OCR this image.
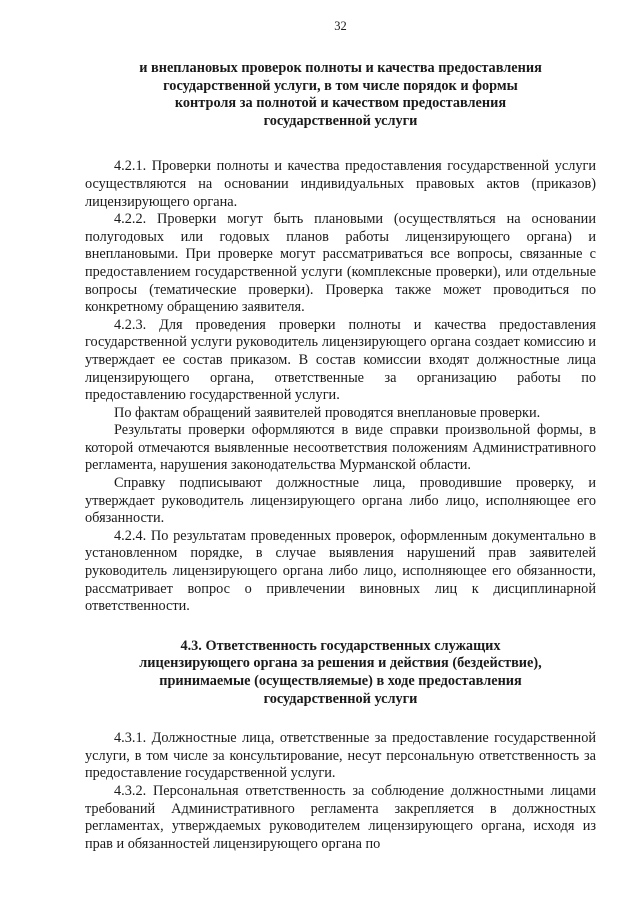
32
и внеплановых проверок полноты и качества предоставления
государственной услуги, в том числе порядок и формы
контроля за полнотой и качеством предоставления
государственной услуги

4.2.1. Проверки полноты и качества предоставления государственной услуги осуществляются на основании индивидуальных правовых актов (приказов) лицензирующего органа.

4.2.2. Проверки могут быть плановыми (осуществляться на основании полугодовых или годовых планов работы лицензирующего органа) и внеплановыми. При проверке могут рассматриваться все вопросы, связанные с предоставлением государственной услуги (комплексные проверки), или отдельные вопросы (тематические проверки). Проверка также может проводиться по конкретному обращению заявителя.

4.2.3. Для проведения проверки полноты и качества предоставления государственной услуги руководитель лицензирующего органа создает комиссию и утверждает ее состав приказом. В состав комиссии входят должностные лица лицензирующего органа, ответственные за организацию работы по предоставлению государственной услуги.

По фактам обращений заявителей проводятся внеплановые проверки.

Результаты проверки оформляются в виде справки произвольной формы, в которой отмечаются выявленные несоответствия положениям Административного регламента, нарушения законодательства Мурманской области.

Справку подписывают должностные лица, проводившие проверку, и утверждает руководитель лицензирующего органа либо лицо, исполняющее его обязанности.

4.2.4. По результатам проведенных проверок, оформленным документально в установленном порядке, в случае выявления нарушений прав заявителей руководитель лицензирующего органа либо лицо, исполняющее его обязанности, рассматривает вопрос о привлечении виновных лиц к дисциплинарной ответственности.

4.3. Ответственность государственных служащих
лицензирующего органа за решения и действия (бездействие),
принимаемые (осуществляемые) в ходе предоставления
государственной услуги

4.3.1. Должностные лица, ответственные за предоставление государственной услуги, в том числе за консультирование, несут персональную ответственность за предоставление государственной услуги.

4.3.2. Персональная ответственность за соблюдение должностными лицами требований Административного регламента закрепляется в должностных регламентах, утверждаемых руководителем лицензирующего органа, исходя из прав и обязанностей лицензирующего органа по
